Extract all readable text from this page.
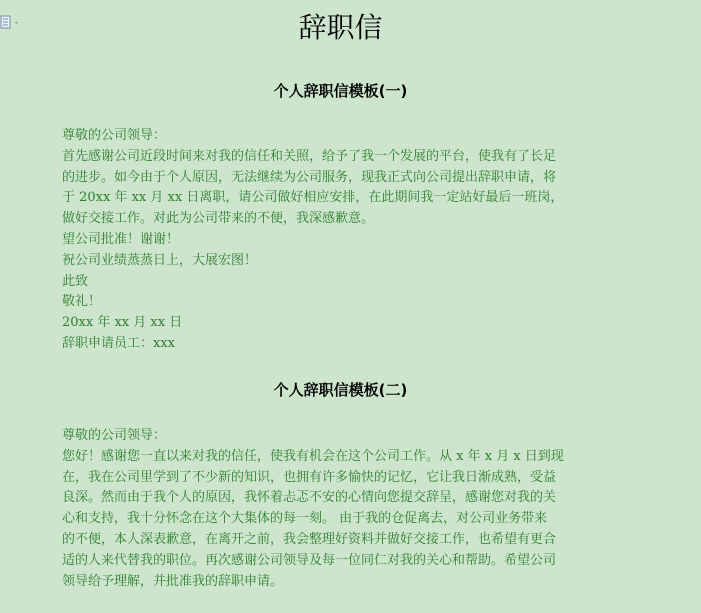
辞职信
个人辞职信模板(一)
尊敬的公司领导：
首先感谢公司近段时间来对我的信任和关照，给予了我一个发展的平台，使我有了长足
的进步。如今由于个人原因，无法继续为公司服务，现我正式向公司提出辞职申请，将
于 20xx 年 xx 月 xx 日离职，请公司做好相应安排，在此期间我一定站好最后一班岗，
做好交接工作。对此为公司带来的不便，我深感歉意。
望公司批准！谢谢！
祝公司业绩蒸蒸日上，大展宏图！
此致
敬礼！
20xx 年 xx 月 xx 日
辞职申请员工：xxx
个人辞职信模板(二)
尊敬的公司领导：
您好！感谢您一直以来对我的信任，使我有机会在这个公司工作。从 x 年 x 月 x 日到现
在，我在公司里学到了不少新的知识，也拥有许多愉快的记忆，它让我日渐成熟，受益
良深。然而由于我个人的原因，我怀着忐忑不安的心情向您提交辞呈，感谢您对我的关
心和支持，我十分怀念在这个大集体的每一刻。 由于我的仓促离去，对公司业务带来
的不便，本人深表歉意，在离开之前，我会整理好资料并做好交接工作，也希望有更合
适的人来代替我的职位。再次感谢公司领导及每一位同仁对我的关心和帮助。希望公司
领导给予理解，并批准我的辞职申请。
